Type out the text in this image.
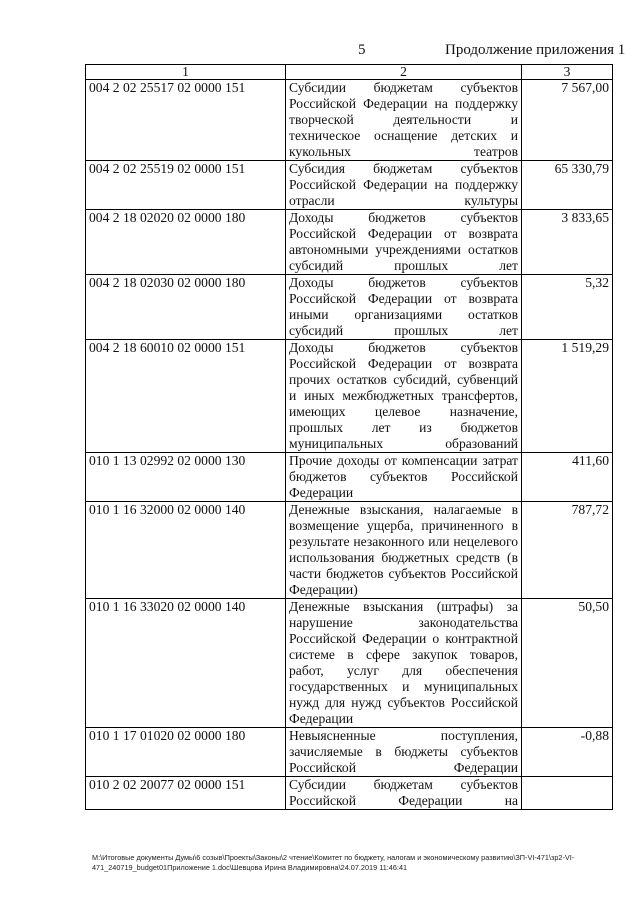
5	Продолжение приложения 1
1	2	3
004 2 02 25517 02 0000 151	Субсидии бюджетам субъектов Российской Федерации на поддержку творческой деятельности и техническое оснащение детских и кукольных театров	7 567,00
004 2 02 25519 02 0000 151	Субсидия бюджетам субъектов Российской Федерации на поддержку отрасли культуры	65 330,79
004 2 18 02020 02 0000 180	Доходы бюджетов субъектов Российской Федерации от возврата автономными учреждениями остатков субсидий прошлых лет	3 833,65
004 2 18 02030 02 0000 180	Доходы бюджетов субъектов Российской Федерации от возврата иными организациями остатков субсидий прошлых лет	5,32
004 2 18 60010 02 0000 151	Доходы бюджетов субъектов Российской Федерации от возврата прочих остатков субсидий, субвенций и иных межбюджетных трансфертов, имеющих целевое назначение, прошлых лет из бюджетов муниципальных образований	1 519,29
010 1 13 02992 02 0000 130	Прочие доходы от компенсации затрат бюджетов субъектов Российской Федерации	411,60
010 1 16 32000 02 0000 140	Денежные взыскания, налагаемые в возмещение ущерба, причиненного в результате незаконного или нецелевого использования бюджетных средств (в части бюджетов субъектов Российской Федерации)	787,72
010 1 16 33020 02 0000 140	Денежные взыскания (штрафы) за нарушение законодательства Российской Федерации о контрактной системе в сфере закупок товаров, работ, услуг для обеспечения государственных и муниципальных нужд для нужд субъектов Российской Федерации	50,50
010 1 17 01020 02 0000 180	Невыясненные поступления, зачисляемые в бюджеты субъектов Российской Федерации	-0,88
010 2 02 20077 02 0000 151	Субсидии бюджетам субъектов Российской Федерации на	
M:\Итоговые документы Думы\6 созыв\Проекты\Законы\2 чтение\Комитет по бюджету, налогам и экономическому развитию\ЗП-VI-471\зр2-VI-471_240719_budget01Приложение 1.doc\Шевцова Ирина Владимировна\24.07.2019 11:46:41
